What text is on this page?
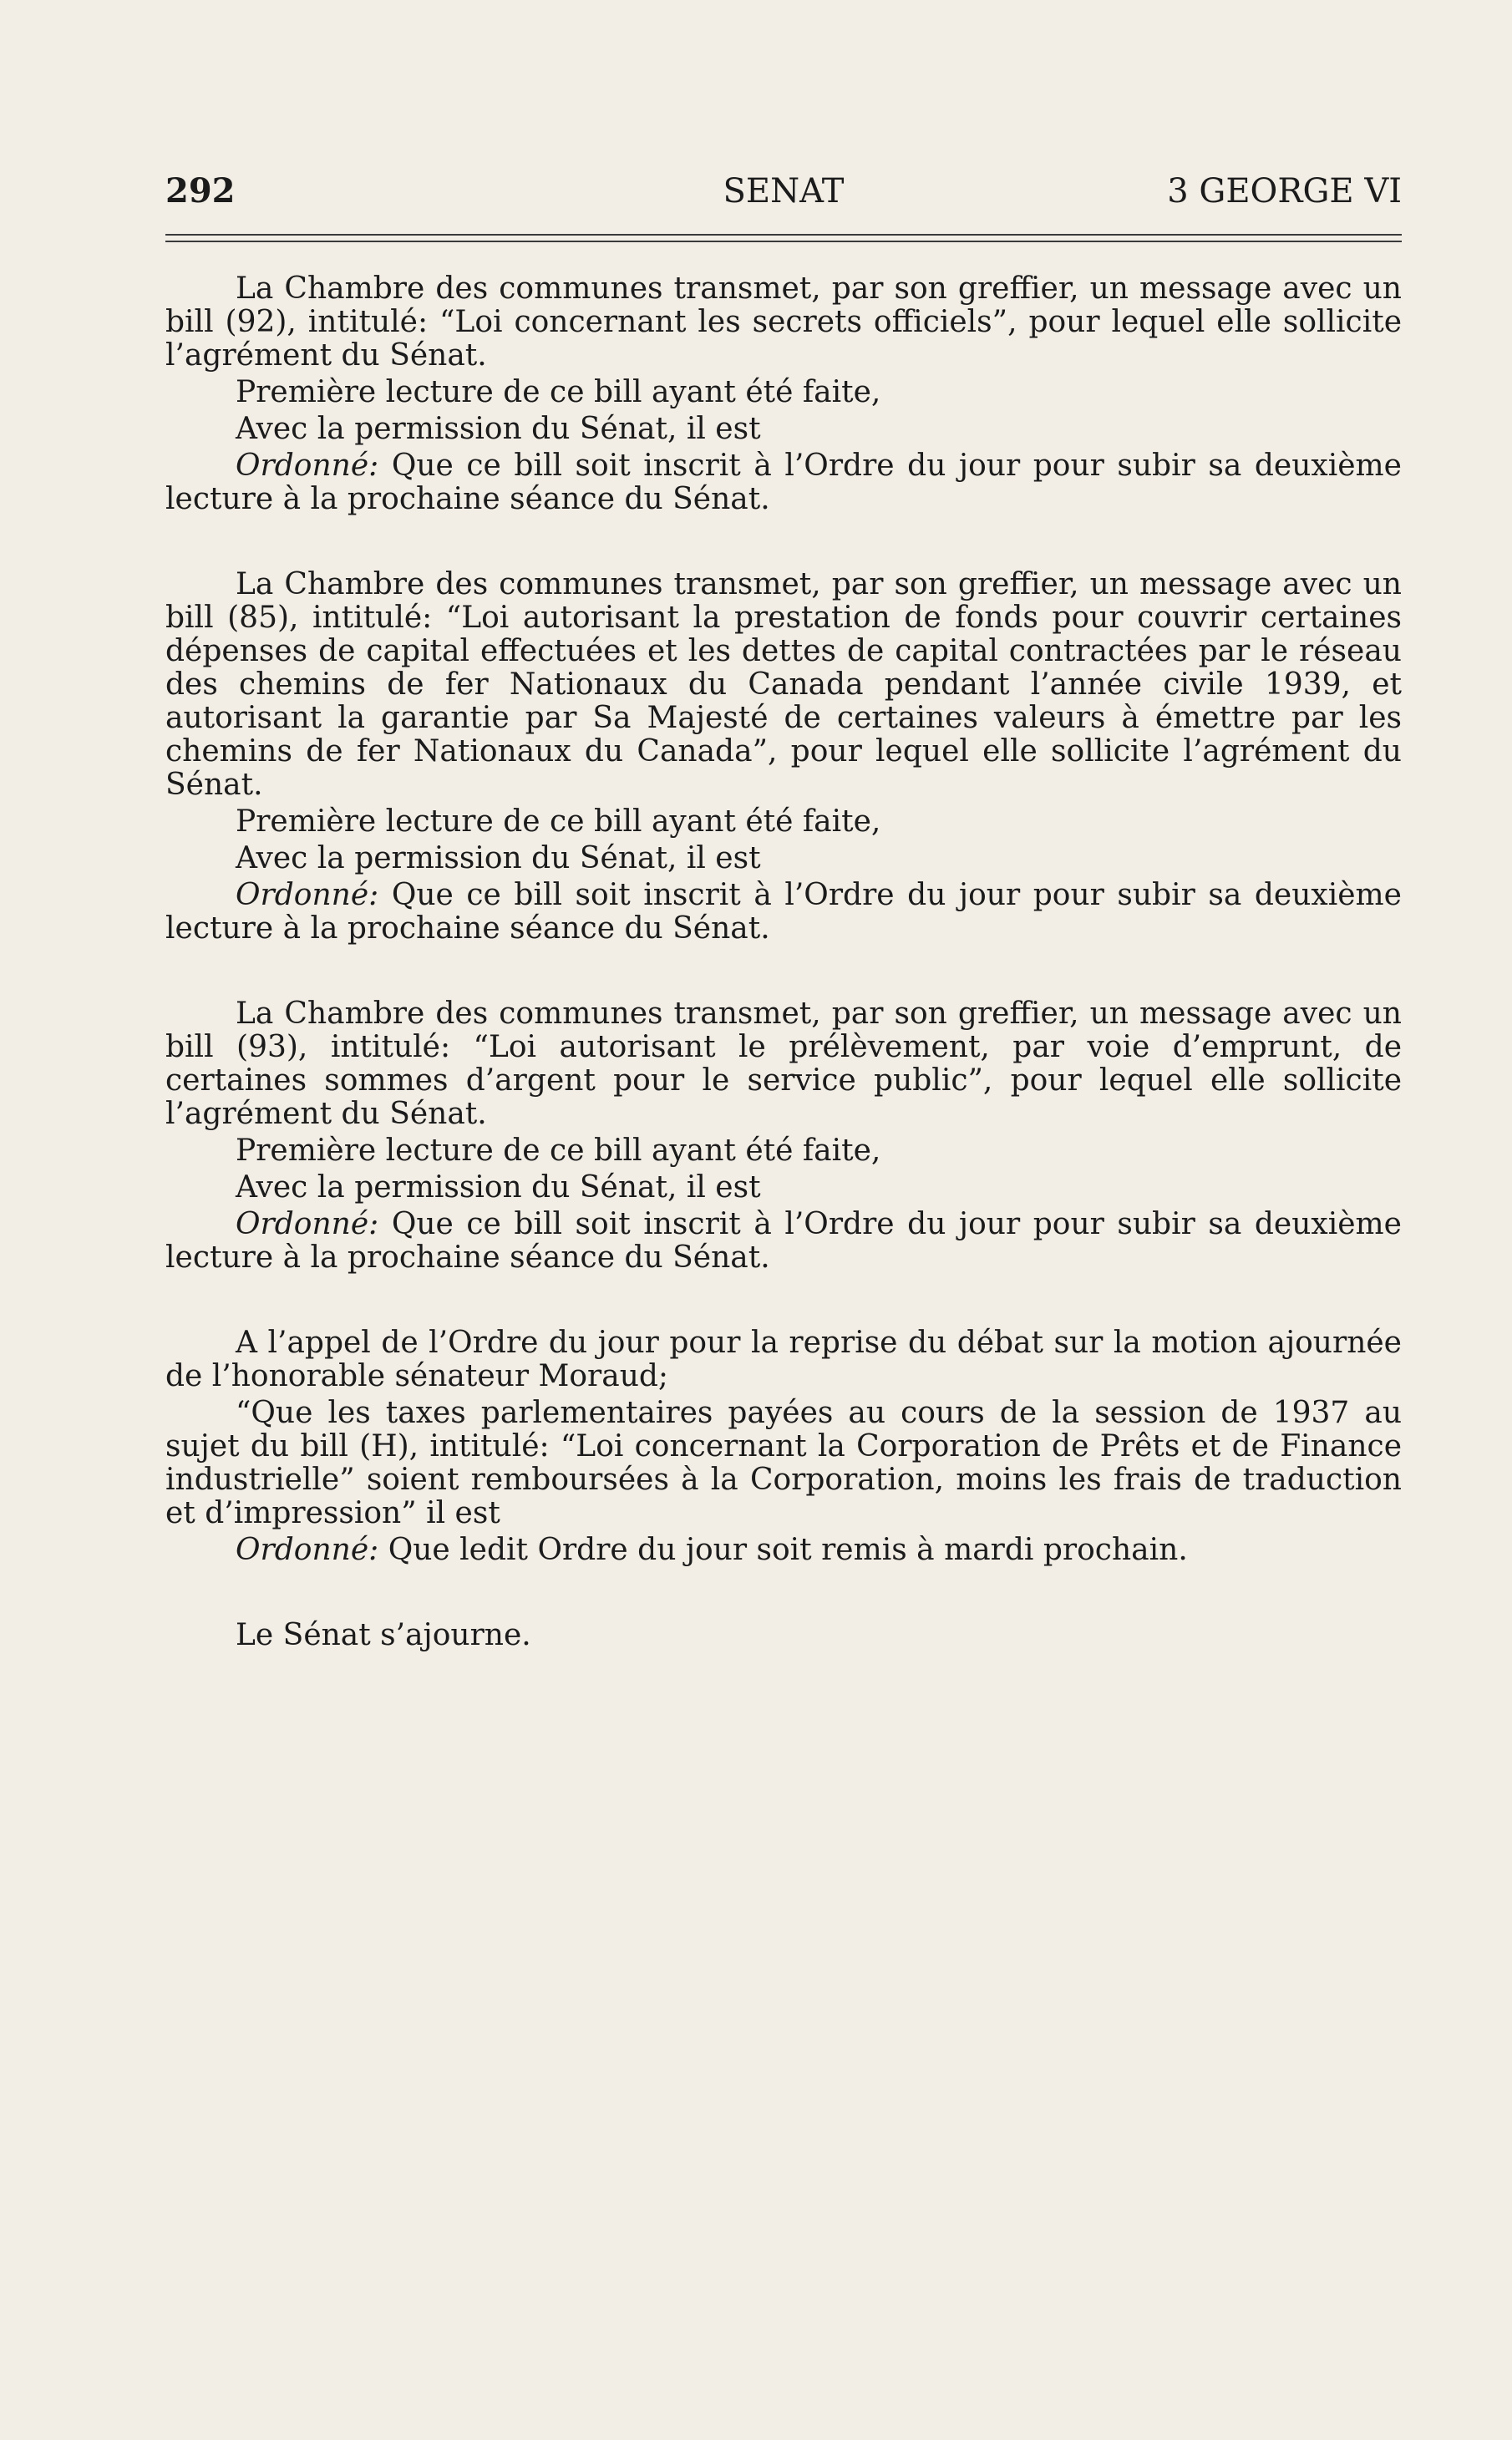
292	SENAT	3 GEORGE VI

La Chambre des communes transmet, par son greffier, un message avec un bill (92), intitulé: “Loi concernant les secrets officiels”, pour lequel elle sollicite l’agrément du Sénat.

Première lecture de ce bill ayant été faite,

Avec la permission du Sénat, il est

Ordonné: Que ce bill soit inscrit à l’Ordre du jour pour subir sa deuxième lecture à la prochaine séance du Sénat.

La Chambre des communes transmet, par son greffier, un message avec un bill (85), intitulé: “Loi autorisant la prestation de fonds pour couvrir certaines dépenses de capital effectuées et les dettes de capital contractées par le réseau des chemins de fer Nationaux du Canada pendant l’année civile 1939, et autorisant la garantie par Sa Majesté de certaines valeurs à émettre par les chemins de fer Nationaux du Canada”, pour lequel elle sollicite l’agrément du Sénat.

Première lecture de ce bill ayant été faite,

Avec la permission du Sénat, il est

Ordonné: Que ce bill soit inscrit à l’Ordre du jour pour subir sa deuxième lecture à la prochaine séance du Sénat.

La Chambre des communes transmet, par son greffier, un message avec un bill (93), intitulé: “Loi autorisant le prélèvement, par voie d’emprunt, de certaines sommes d’argent pour le service public”, pour lequel elle sollicite l’agrément du Sénat.

Première lecture de ce bill ayant été faite,

Avec la permission du Sénat, il est

Ordonné: Que ce bill soit inscrit à l’Ordre du jour pour subir sa deuxième lecture à la prochaine séance du Sénat.

A l’appel de l’Ordre du jour pour la reprise du débat sur la motion ajournée de l’honorable sénateur Moraud;

“Que les taxes parlementaires payées au cours de la session de 1937 au sujet du bill (H), intitulé: “Loi concernant la Corporation de Prêts et de Finance industrielle” soient remboursées à la Corporation, moins les frais de traduction et d’impression” il est

Ordonné: Que ledit Ordre du jour soit remis à mardi prochain.

Le Sénat s’ajourne.
